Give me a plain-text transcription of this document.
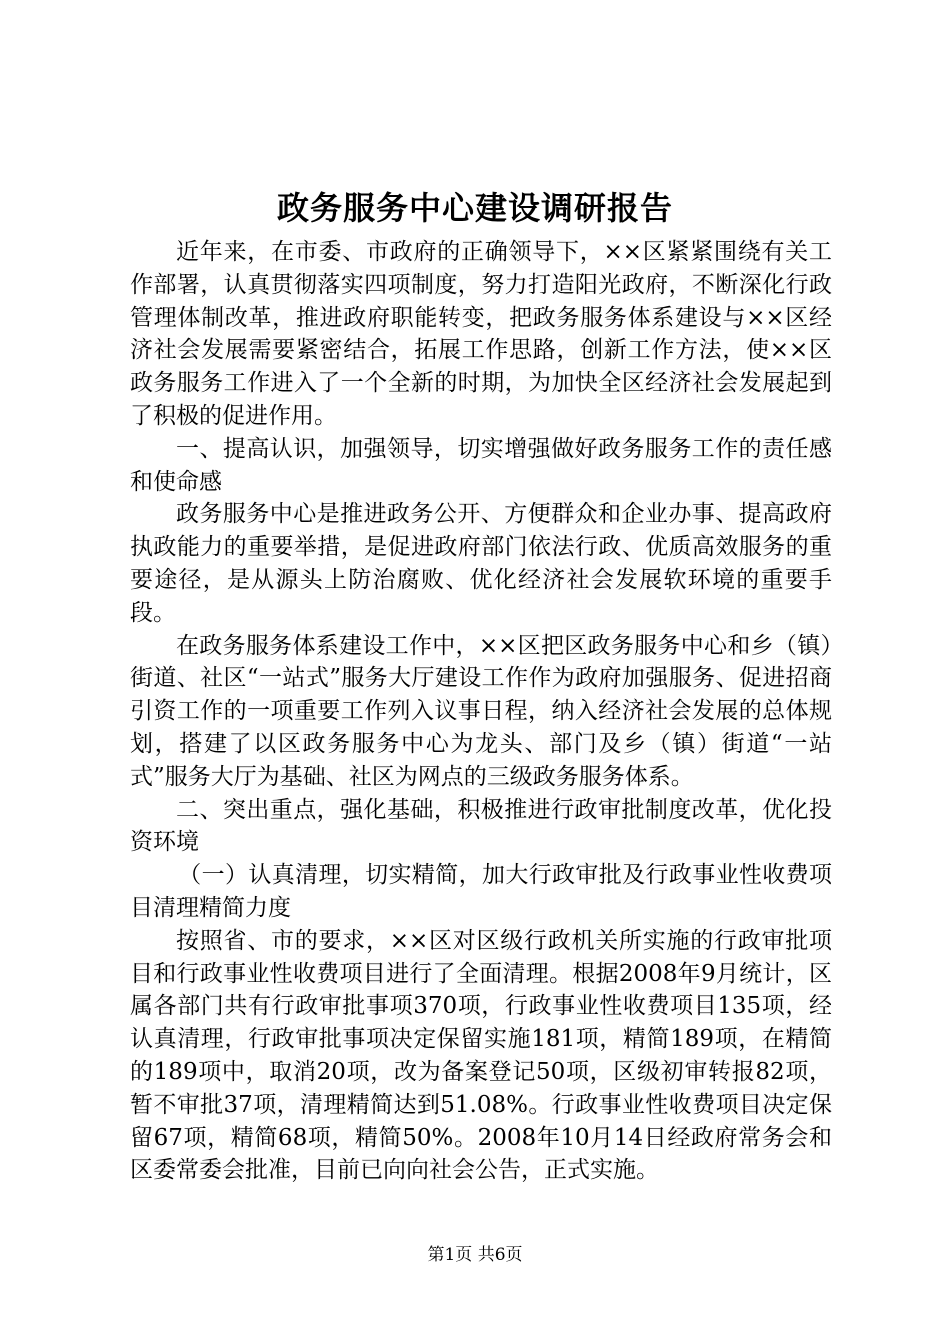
政务服务中心建设调研报告

近年来，在市委、市政府的正确领导下，××区紧紧围绕有关工作部署，认真贯彻落实四项制度，努力打造阳光政府，不断深化行政管理体制改革，推进政府职能转变，把政务服务体系建设与××区经济社会发展需要紧密结合，拓展工作思路，创新工作方法，使××区政务服务工作进入了一个全新的时期，为加快全区经济社会发展起到了积极的促进作用。

一、提高认识，加强领导，切实增强做好政务服务工作的责任感和使命感

政务服务中心是推进政务公开、方便群众和企业办事、提高政府执政能力的重要举措，是促进政府部门依法行政、优质高效服务的重要途径，是从源头上防治腐败、优化经济社会发展软环境的重要手段。

在政务服务体系建设工作中，××区把区政务服务中心和乡（镇）街道、社区“一站式”服务大厅建设工作作为政府加强服务、促进招商引资工作的一项重要工作列入议事日程，纳入经济社会发展的总体规划，搭建了以区政务服务中心为龙头、部门及乡（镇）街道“一站式”服务大厅为基础、社区为网点的三级政务服务体系。

二、突出重点，强化基础，积极推进行政审批制度改革，优化投资环境

（一）认真清理，切实精简，加大行政审批及行政事业性收费项目清理精简力度

按照省、市的要求，××区对区级行政机关所实施的行政审批项目和行政事业性收费项目进行了全面清理。根据2008年9月统计，区属各部门共有行政审批事项370项，行政事业性收费项目135项，经认真清理，行政审批事项决定保留实施181项，精简189项，在精简的189项中，取消20项，改为备案登记50项，区级初审转报82项，暂不审批37项，清理精简达到51.08%。行政事业性收费项目决定保留67项，精简68项，精简50%。2008年10月14日经政府常务会和区委常委会批准，目前已向向社会公告，正式实施。

第1页 共6页
